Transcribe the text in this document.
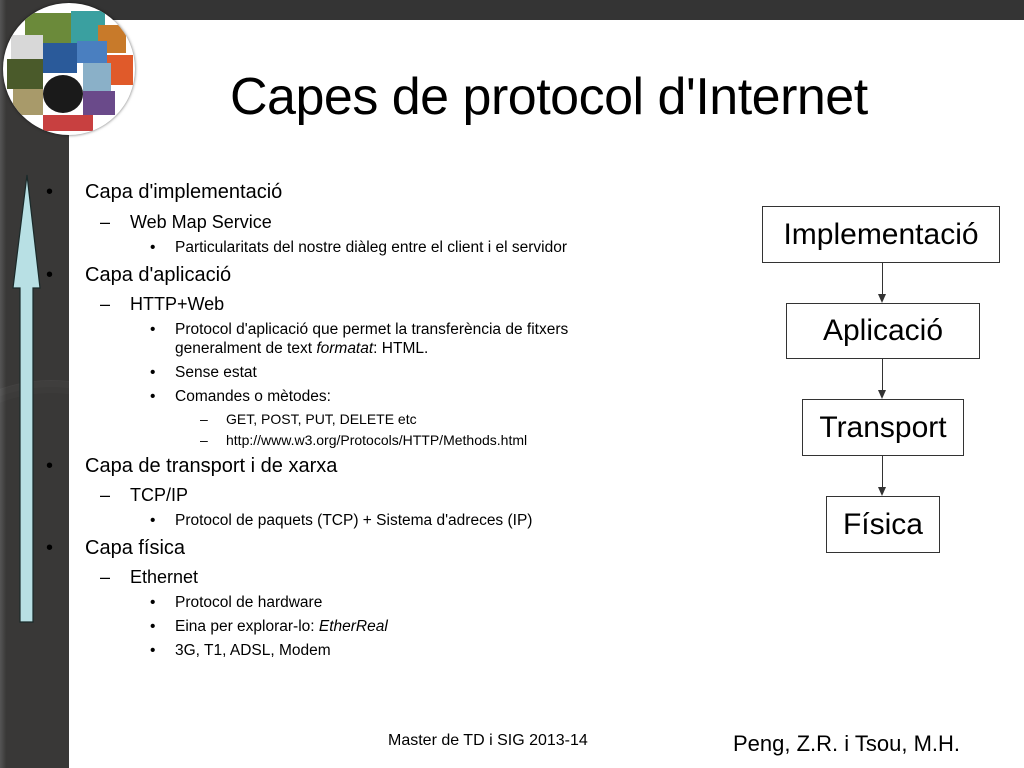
Capes de protocol d'Internet
• Capa d'implementació
– Web Map Service
• Particularitats del nostre diàleg entre el client i el servidor
• Capa d'aplicació
– HTTP+Web
• Protocol d'aplicació que permet la transferència de fitxers
generalment de text formatat: HTML.
• Sense estat
• Comandes o mètodes:
– GET, POST, PUT, DELETE etc
– http://www.w3.org/Protocols/HTTP/Methods.html
• Capa de transport i de xarxa
– TCP/IP
• Protocol de paquets (TCP) + Sistema d'adreces (IP)
• Capa física
– Ethernet
• Protocol de hardware
• Eina per explorar-lo: EtherReal
• 3G, T1, ADSL, Modem
Implementació
Aplicació
Transport
Física
Master de TD i SIG 2013-14	Peng, Z.R. i Tsou, M.H.
